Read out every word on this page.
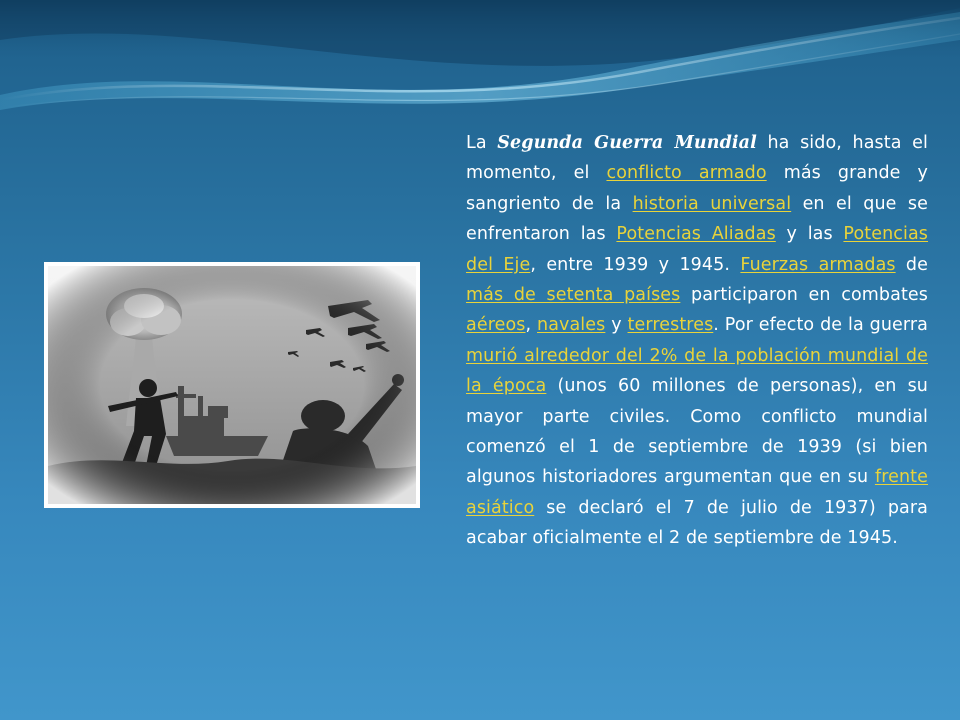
La Segunda Guerra Mundial ha sido, hasta el momento, el conflicto armado más grande y sangriento de la historia universal en el que se enfrentaron las Potencias Aliadas y las Potencias del Eje, entre 1939 y 1945. Fuerzas armadas de más de setenta países participaron en combates aéreos, navales y terrestres. Por efecto de la guerra murió alrededor del 2% de la población mundial de la época (unos 60 millones de personas), en su mayor parte civiles. Como conflicto mundial comenzó el 1 de septiembre de 1939 (si bien algunos historiadores argumentan que en su frente asiático se declaró el 7 de julio de 1937) para acabar oficialmente el 2 de septiembre de 1945.
